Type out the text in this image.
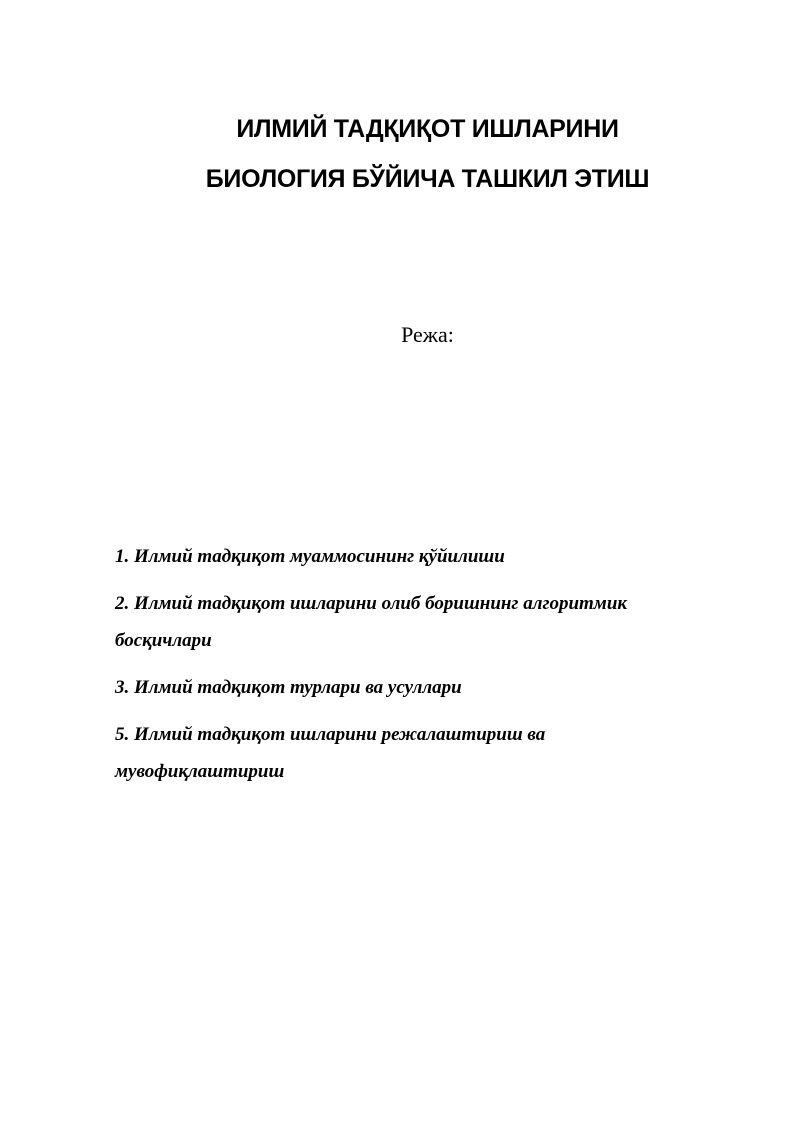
ИЛМИЙ ТАДҚИҚОТ ИШЛАРИНИ
БИОЛОГИЯ БЎЙИЧА ТАШКИЛ ЭТИШ
Режа:
1. Илмий тадқиқот муаммосининг қўйилиши
2. Илмий тадқиқот ишларини олиб боришнинг алгоритмик босқичлари
3. Илмий тадқиқот турлари ва усуллари
5. Илмий тадқиқот ишларини режалаштириш ва мувофиқлаштириш
